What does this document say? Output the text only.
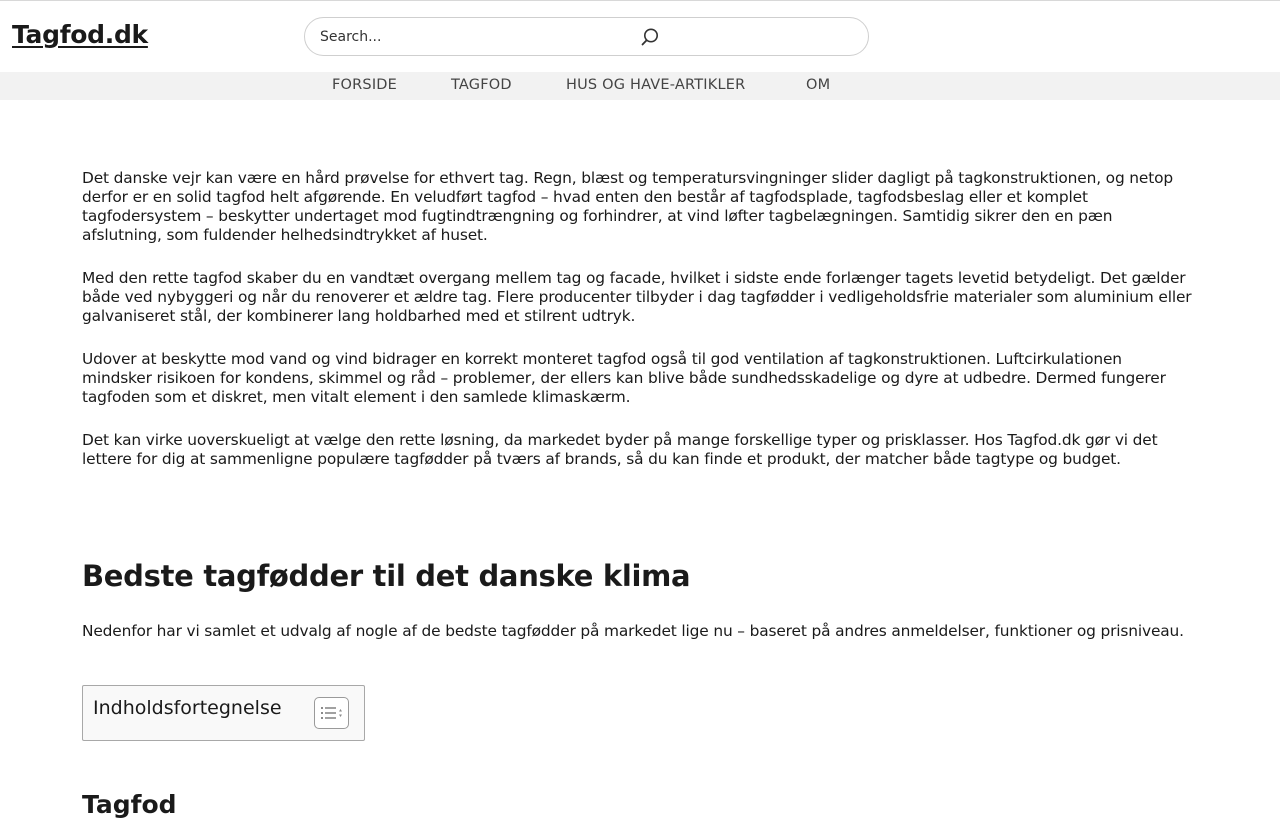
Tagfod.dk
Search...
FORSIDE	TAGFOD	HUS OG HAVE-ARTIKLER	OM

Det danske vejr kan være en hård prøvelse for ethvert tag. Regn, blæst og temperatursvingninger slider dagligt på tagkonstruktionen, og netop derfor er en solid tagfod helt afgørende. En veludført tagfod – hvad enten den består af tagfodsplade, tagfodsbeslag eller et komplet tagfodersystem – beskytter undertaget mod fugtindtrængning og forhindrer, at vind løfter tagbelægningen. Samtidig sikrer den en pæn afslutning, som fuldender helhedsindtrykket af huset.

Med den rette tagfod skaber du en vandtæt overgang mellem tag og facade, hvilket i sidste ende forlænger tagets levetid betydeligt. Det gælder både ved nybyggeri og når du renoverer et ældre tag. Flere producenter tilbyder i dag tagfødder i vedligeholdsfrie materialer som aluminium eller galvaniseret stål, der kombinerer lang holdbarhed med et stilrent udtryk.

Udover at beskytte mod vand og vind bidrager en korrekt monteret tagfod også til god ventilation af tagkonstruktionen. Luftcirkulationen mindsker risikoen for kondens, skimmel og råd – problemer, der ellers kan blive både sundhedsskadelige og dyre at udbedre. Dermed fungerer tagfoden som et diskret, men vitalt element i den samlede klimaskærm.

Det kan virke uoverskueligt at vælge den rette løsning, da markedet byder på mange forskellige typer og prisklasser. Hos Tagfod.dk gør vi det lettere for dig at sammenligne populære tagfødder på tværs af brands, så du kan finde et produkt, der matcher både tagtype og budget.

Bedste tagfødder til det danske klima

Nedenfor har vi samlet et udvalg af nogle af de bedste tagfødder på markedet lige nu – baseret på andres anmeldelser, funktioner og prisniveau.

Indholdsfortegnelse
Tagfod
